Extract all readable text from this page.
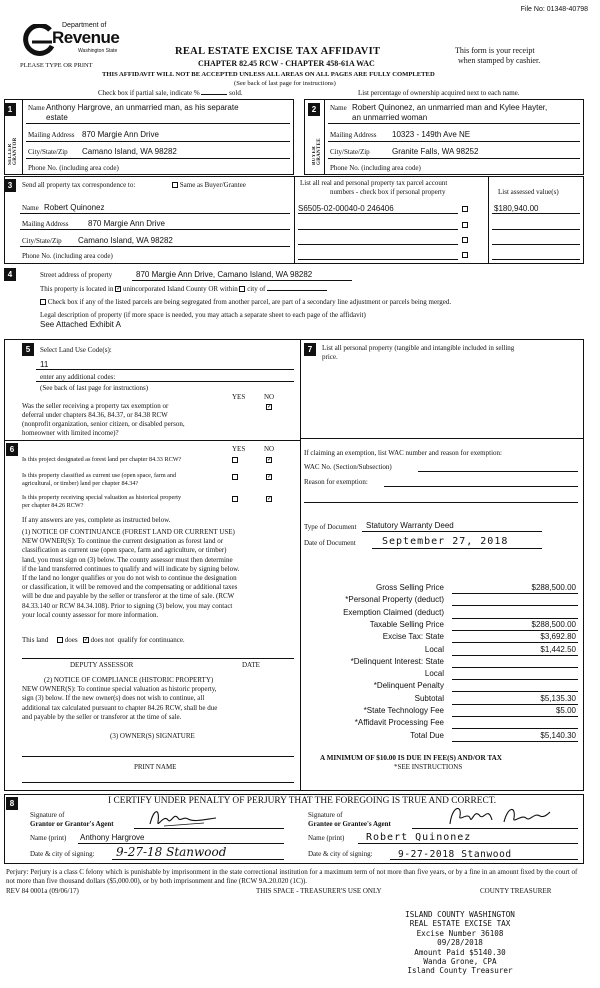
File No: 01348-40798
Department of
Revenue
Washington State
PLEASE TYPE OR PRINT
REAL ESTATE EXCISE TAX AFFIDAVIT
CHAPTER 82.45 RCW - CHAPTER 458-61A WAC
This form is your receipt
when stamped by cashier.
THIS AFFIDAVIT WILL NOT BE ACCEPTED UNLESS ALL AREAS ON ALL PAGES ARE FULLY COMPLETED
(See back of last page for instructions)
Check box if partial sale, indicate %	sold.	List percentage of ownership acquired next to each name.
1
SELLER GRANTOR
Name Anthony Hargrove, an unmarried man, as his separate
estate
Mailing Address 870 Margie Ann Drive
City/State/Zip Camano Island, WA 98282
Phone No. (including area code)
2
BUYER GRANTEE
Name Robert Quinonez, an unmarried man and Kylee Hayter,
an unmarried woman
Mailing Address 10323 - 149th Ave NE
City/State/Zip	Granite Falls, WA 98252
Phone No. (including area code)
3	Send all property tax correspondence to:	Same as Buyer/Grantee
Name Robert Quinonez
Mailing Address 870 Margie Ann Drive
City/State/Zip Camano Island, WA 98282
Phone No. (including area code)
List all real and personal property tax parcel account
numbers - check box if personal property	List assessed value(s)
S6505-02-00040-0 246406	$180,940.00
4	Street address of property	870 Margie Ann Drive, Camano Island, WA 98282
This property is located in ✓ unincorporated Island County OR within city of
Check box if any of the listed parcels are being segregated from another parcel, are part of a secondary line adjustment or parcels being merged.
Legal description of property (if more space is needed, you may attach a separate sheet to each page of the affidavit)
See Attached Exhibit A
5	Select Land Use Code(s):
11
enter any additional codes:
(See back of last page for instructions)
YES	NO
Was the seller receiving a property tax exemption or
deferral under chapters 84.36, 84.37, or 84.38 RCW
(nonprofit organization, senior citizen, or disabled person,
homeowner with limited income)?
✓
6	YES	NO
Is this project designated as forest land per chapter 84.33 RCW?	✓
Is this property classified as current use (open space, farm and
agricultural, or timber) land per chapter 84.34?
✓
Is this property receiving special valuation as historical property
per chapter 84.26 RCW?
✓
If any answers are yes, complete as instructed below.
(1) NOTICE OF CONTINUANCE (FOREST LAND OR CURRENT USE)
NEW OWNER(S): To continue the current designation as forest land or
classification as current use (open space, farm and agriculture, or timber)
land, you must sign on (3) below. The county assessor must then determine
if the land transferred continues to qualify and will indicate by signing below.
If the land no longer qualifies or you do not wish to continue the designation
or classification, it will be removed and the compensating or additional taxes
will be due and payable by the seller or transferor at the time of sale. (RCW
84.33.140 or RCW 84.34.108). Prior to signing (3) below, you may contact
your local county assessor for more information.
This land does ✓ does not qualify for continuance.
DEPUTY ASSESSOR	DATE
(2) NOTICE OF COMPLIANCE (HISTORIC PROPERTY)
NEW OWNER(S): To continue special valuation as historic property,
sign (3) below. If the new owner(s) does not wish to continue, all
additional tax calculated pursuant to chapter 84.26 RCW, shall be due
and payable by the seller or transferor at the time of sale.
(3) OWNER(S) SIGNATURE
PRINT NAME
7	List all personal property (tangible and intangible included in selling
price.
If claiming an exemption, list WAC number and reason for exemption:
WAC No. (Section/Subsection)
Reason for exemption:
Type of Document Statutory Warranty Deed
Date of Document	September 27, 2018
Gross Selling Price	$288,500.00
*Personal Property (deduct)
Exemption Claimed (deduct)
Taxable Selling Price	$288,500.00
Excise Tax: State	$3,692.80
Local	$1,442.50
*Delinquent Interest: State
Local
*Delinquent Penalty
Subtotal	$5,135.30
*State Technology Fee	$5.00
*Affidavit Processing Fee
Total Due	$5,140.30
A MINIMUM OF $10.00 IS DUE IN FEE(S) AND/OR TAX
*SEE INSTRUCTIONS
8	I CERTIFY UNDER PENALTY OF PERJURY THAT THE FOREGOING IS TRUE AND CORRECT.
Signature of
Grantor or Grantor's Agent
Name (print) Anthony Hargrove
Date & city of signing: 9-27-18 Stanwood
Signature of
Grantee or Grantee's Agent
Name (print) Robert Quinonez
Date & city of signing:	9-27-2018 Stanwood
Perjury: Perjury is a class C felony which is punishable by imprisonment in the state correctional institution for a maximum term of not more than five years, or by a fine in an amount fixed by the court of not more than five thousand dollars ($5,000.00), or by both imprisonment and fine (RCW 9A.20.020 (1C)).
REV 84 0001a (09/06/17)	THIS SPACE - TREASURER'S USE ONLY	COUNTY TREASURER
ISLAND COUNTY WASHINGTON
REAL ESTATE EXCISE TAX
Excise Number 36108
09/28/2018
Amount Paid $5140.30
Wanda Grone, CPA
Island County Treasurer
